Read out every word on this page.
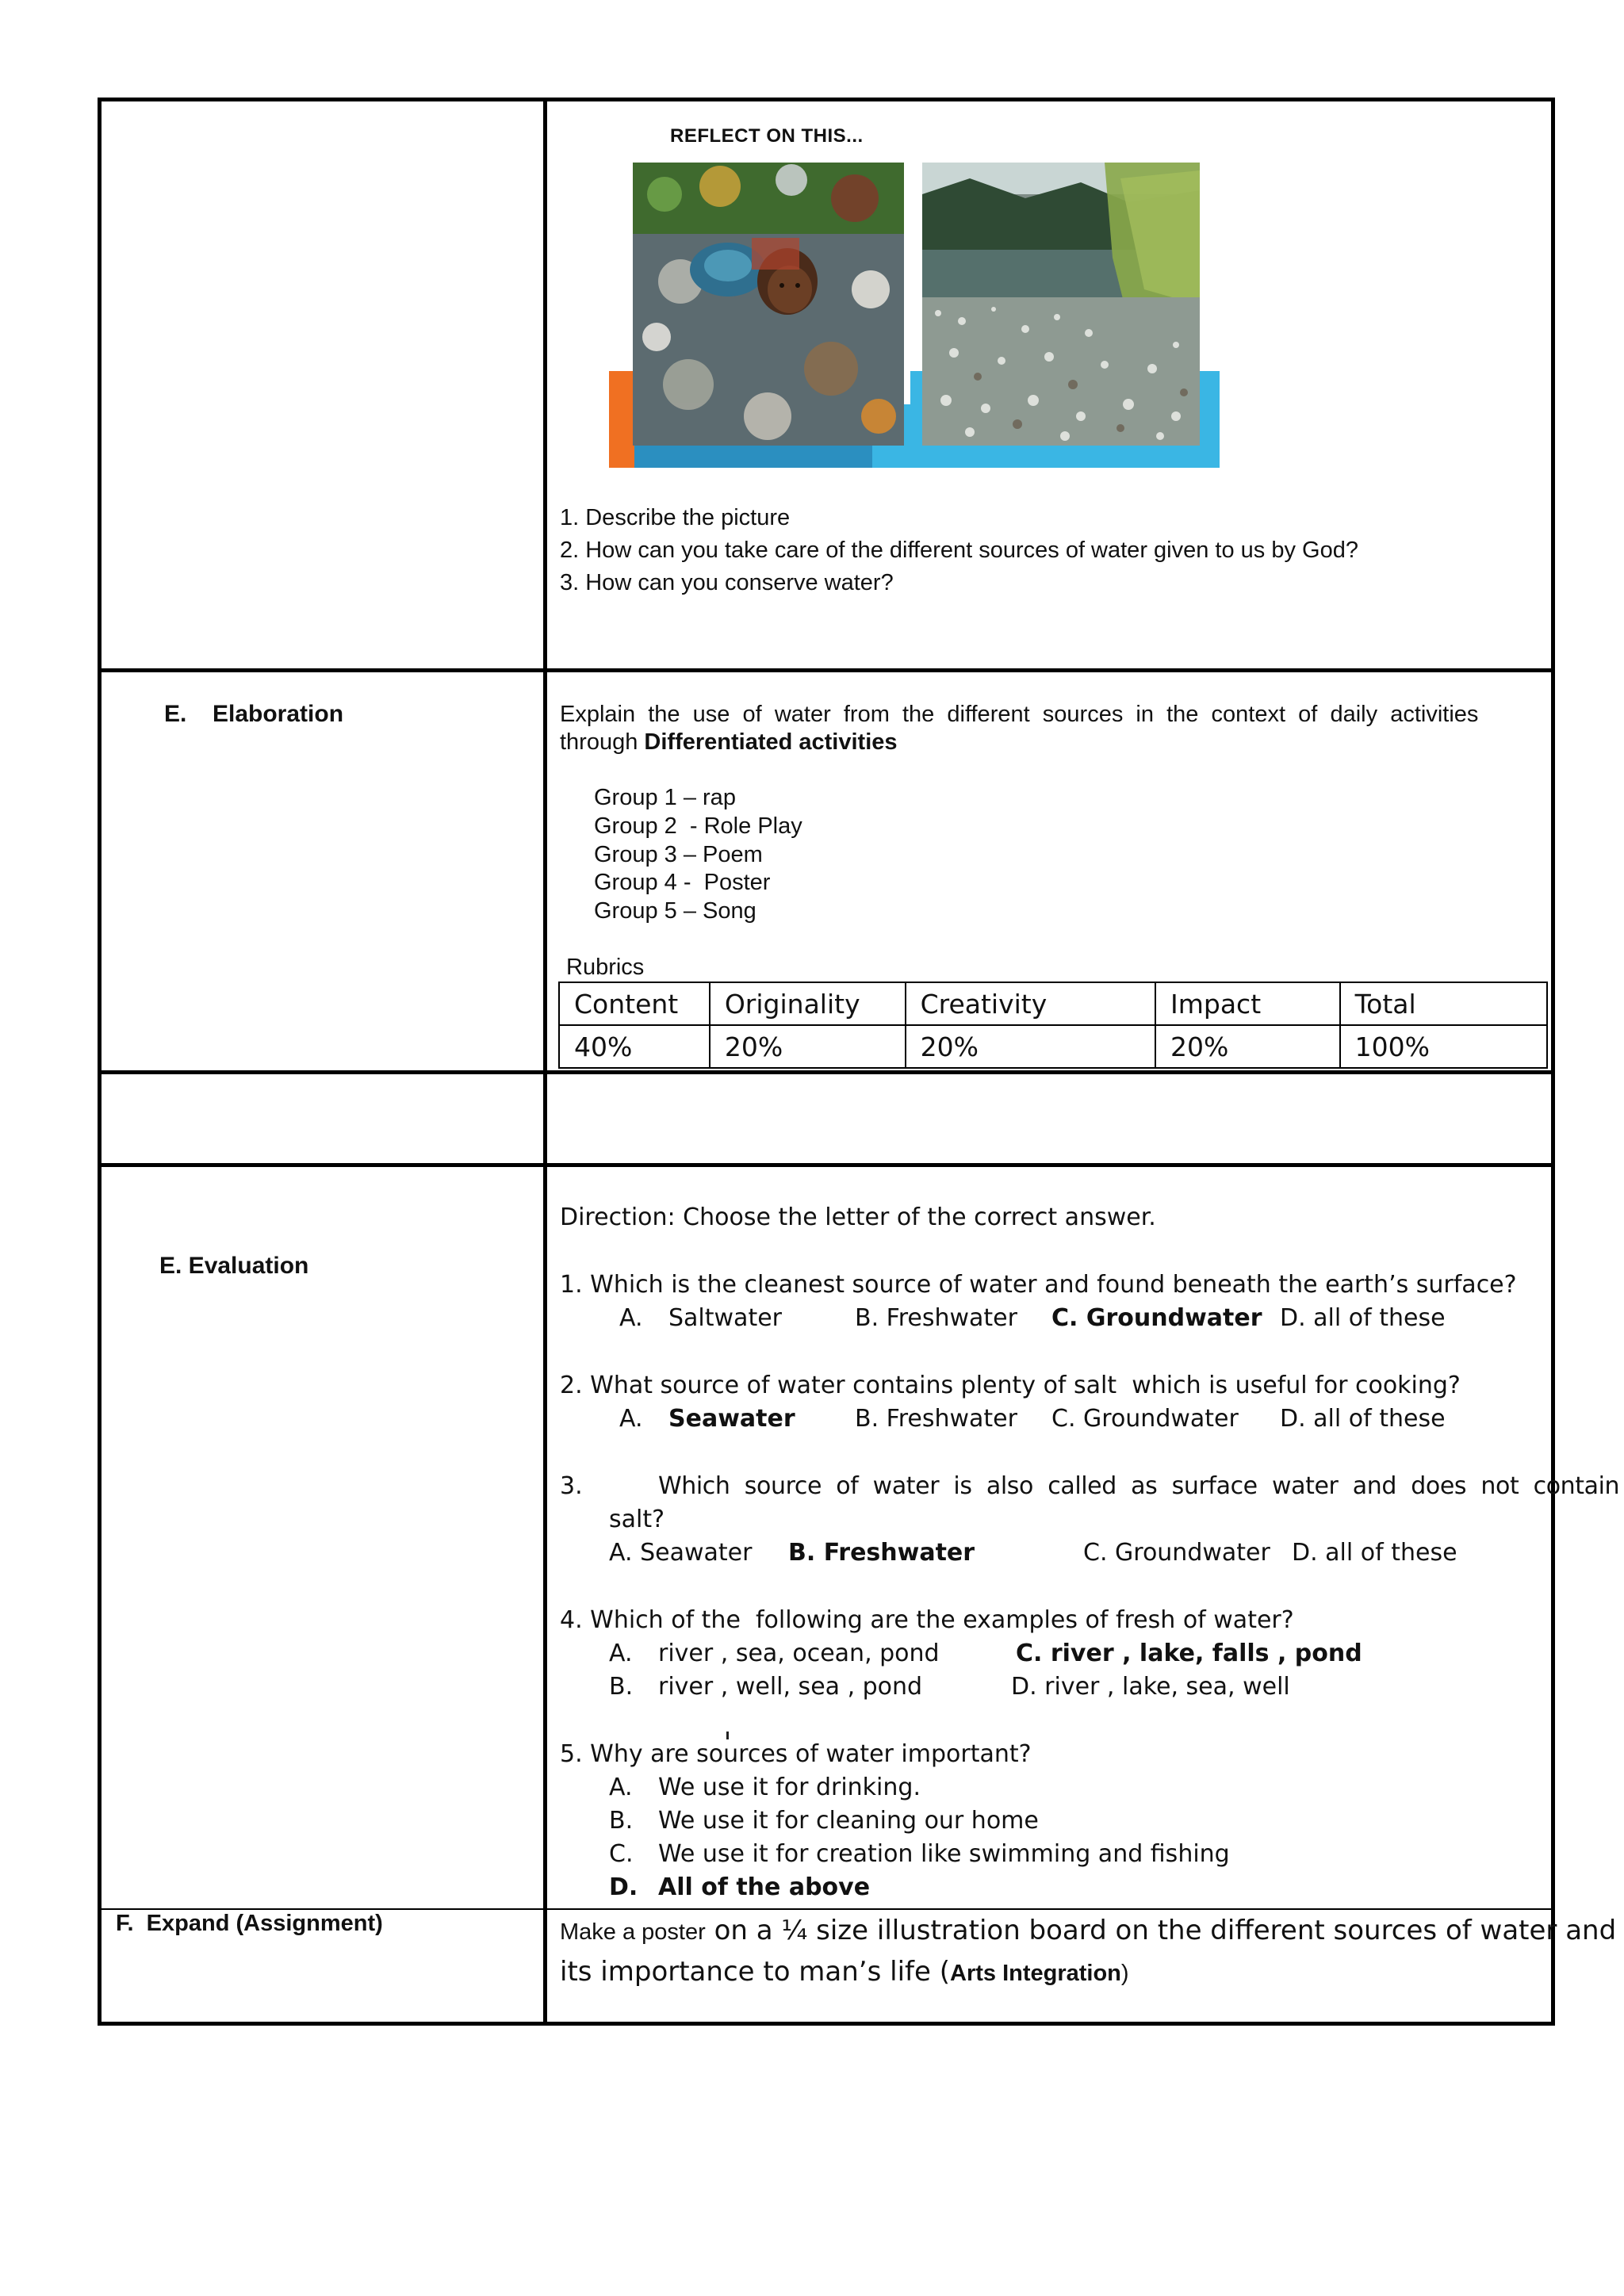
REFLECT ON THIS...
1. Describe the picture
2. How can you take care of the different sources of water given to us by God?
3. How can you conserve water?
E. Elaboration	Explain  the  use  of  water  from  the  different  sources  in  the  context  of  daily  activities
through Differentiated activities
Group 1 – rap
Group 2  - Role Play
Group 3 – Poem
Group 4 -  Poster
Group 5 – Song
Rubrics
Content	Originality	Creativity	Impact	Total
40%	20%	20%	20%	100%
E. Evaluation
Direction: Choose the letter of the correct answer.
1. Which is the cleanest source of water and found beneath the earth’s surface?
A. Saltwater	B. Freshwater C. Groundwater D. all of these
2. What source of water contains plenty of salt  which is useful for cooking?
A. Seawater	B. Freshwater C. Groundwater D. all of these
3.	Which  source  of  water  is  also  called  as  surface  water  and  does  not  contain
salt?
A. Seawater B. Freshwater	C. Groundwater D. all of these
4. Which of the  following are the examples of fresh of water?
A. river , sea, ocean, pond	C. river , lake, falls , pond
B. river , well, sea , pond	D. river , lake, sea, well
5. Why are sources of water important?
A. We use it for drinking.
B. We use it for cleaning our home
C. We use it for creation like swimming and fishing
D. All of the above
F.  Expand (Assignment)	Make a poster on a ¼ size illustration board on the different sources of water and
its importance to man’s life (Arts Integration)
